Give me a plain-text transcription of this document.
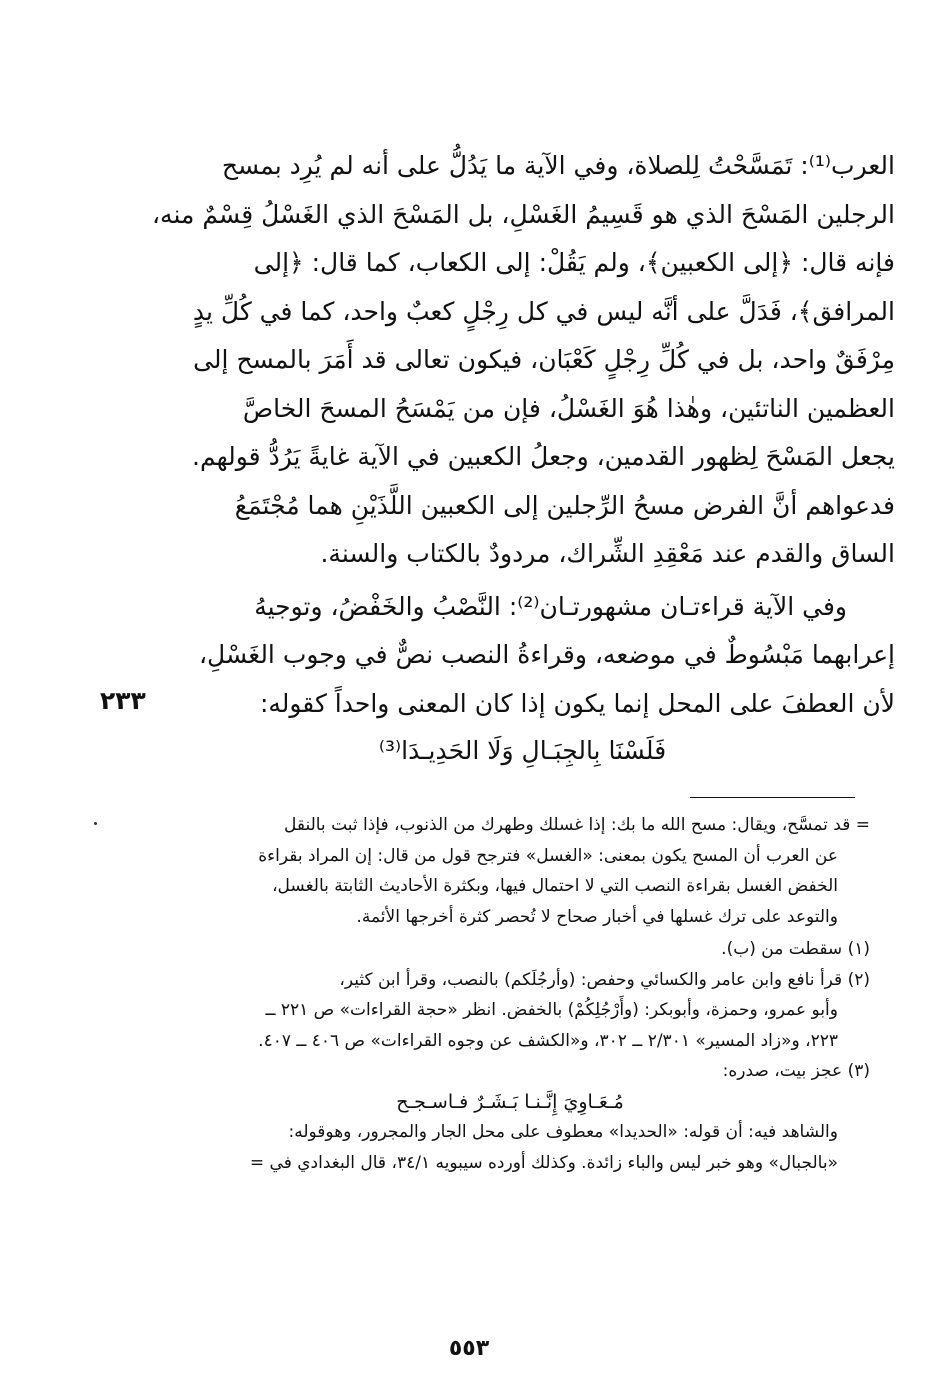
العرب⁽¹⁾: تَمَسَّحْتُ لِلصلاة، وفي الآية ما يَدُلُّ على أنه لم يُرِد بمسح
الرجلين المَسْحَ الذي هو قَسِيمُ الغَسْلِ، بل المَسْحَ الذي الغَسْلُ قِسْمٌ منه،
فإنه قال: ﴿إلى الكعبين﴾، ولم يَقُلْ: إلى الكعاب، كما قال: ﴿إلى
المرافق﴾، فَدَلَّ على أنَّه ليس في كل رِجْلٍ كعبٌ واحد، كما في كُلِّ يدٍ
مِرْفَقٌ واحد، بل في كُلِّ رِجْلٍ كَعْبَان، فيكون تعالى قد أَمَرَ بالمسح إلى
العظمين الناتئين، وهٰذا هُوَ الغَسْلُ، فإن من يَمْسَحُ المسحَ الخاصَّ
يجعل المَسْحَ لِظهور القدمين، وجعلُ الكعبين في الآية غايةً يَرُدُّ قولهم.
فدعواهم أنَّ الفرض مسحُ الرِّجلين إلى الكعبين اللَّذَيْنِ هما مُجْتَمَعُ
الساق والقدم عند مَعْقِدِ الشِّراك، مردودٌ بالكتاب والسنة.
وفي الآية قراءتـان مشهورتـان⁽²⁾: النَّصْبُ والخَفْضُ، وتوجيهُ
إعرابهما مَبْسُوطٌ في موضعه، وقراءةُ النصب نصٌّ في وجوب الغَسْلِ،
لأن العطفَ على المحل إنما يكون إذا كان المعنى واحداً كقوله:
فَلَسْنَا بِالجِبَـالِ وَلَا الحَدِيـدَا⁽³⁾
٢٣٣
= قد تمسَّح، ويقال: مسح الله ما بك: إذا غسلك وطهرك من الذنوب، فإذا ثبت بالنقل
عن العرب أن المسح يكون بمعنى: «الغسل» فترجح قول من قال: إن المراد بقراءة
الخفض الغسل بقراءة النصب التي لا احتمال فيها، وبكثرة الأحاديث الثابتة بالغسل،
والتوعد على ترك غسلها في أخبار صحاح لا تُحصر كثرة أخرجها الأئمة.
(١) سقطت من (ب).
(٢) قرأ نافع وابن عامر والكسائي وحفص: (وأرجُلَكم) بالنصب، وقرأ ابن كثير،
وأبو عمرو، وحمزة، وأبوبكر: (وأَرْجُلِكُمْ) بالخفض. انظر «حجة القراءات» ص ٢٢١ ــ
٢٢٣، و«زاد المسير» ٢/٣٠١ ــ ٣٠٢، و«الكشف عن وجوه القراءات» ص ٤٠٦ ــ ٤٠٧.
(٣) عجز بيت، صدره:
مُـعَـاوِيَ إِنَّـنـا بَـشَـرٌ فـاسـجـح
والشاهد فيه: أن قوله: «الحديدا» معطوف على محل الجار والمجرور، وهوقوله:
«بالجبال» وهو خبر ليس والباء زائدة. وكذلك أورده سيبويه ٣٤/١، قال البغدادي في =
٥٥٣
